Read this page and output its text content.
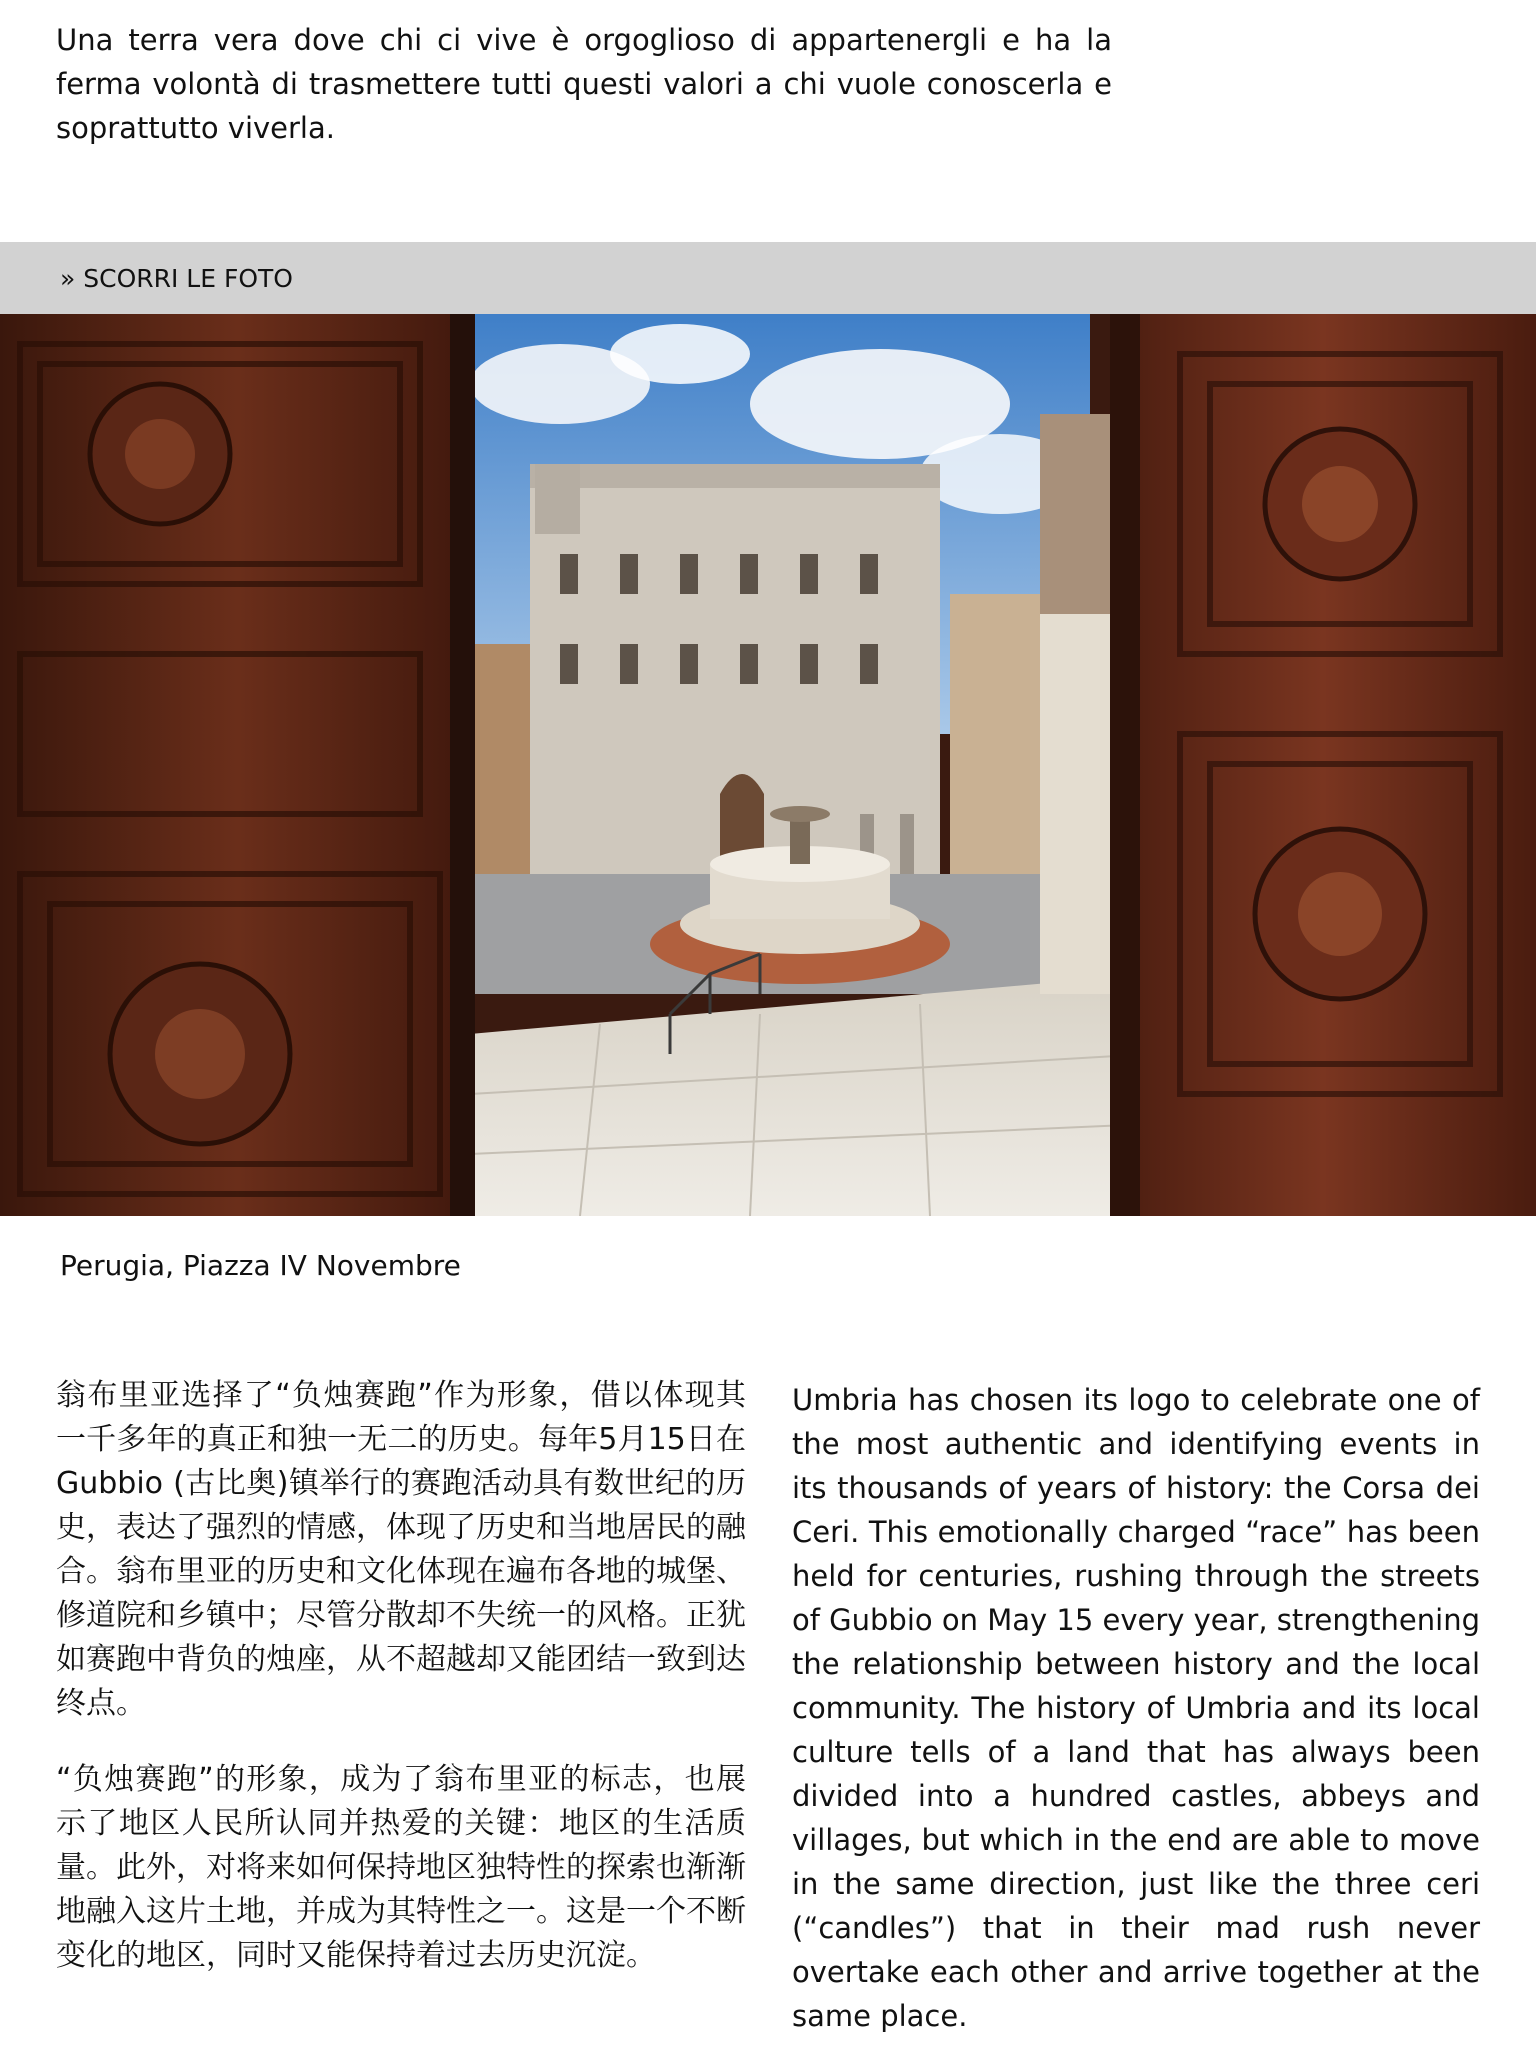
Una terra vera dove chi ci vive è orgoglioso di appartenergli e ha la ferma volontà di trasmettere tutti questi valori a chi vuole conoscerla e soprattutto viverla.

» SCORRI LE FOTO

Perugia, Piazza IV Novembre

翁布里亚选择了“负烛赛跑”作为形象，借以体现其一千多年的真正和独一无二的历史。每年5月15日在Gubbio (古比奥)镇举行的赛跑活动具有数世纪的历史，表达了强烈的情感，体现了历史和当地居民的融合。翁布里亚的历史和文化体现在遍布各地的城堡、修道院和乡镇中；尽管分散却不失统一的风格。正犹如赛跑中背负的烛座，从不超越却又能团结一致到达终点。

“负烛赛跑”的形象，成为了翁布里亚的标志，也展示了地区人民所认同并热爱的关键：地区的生活质量。此外，对将来如何保持地区独特性的探索也渐渐地融入这片土地，并成为其特性之一。这是一个不断变化的地区，同时又能保持着过去历史沉淀。

Umbria has chosen its logo to celebrate one of the most authentic and identifying events in its thousands of years of history: the Corsa dei Ceri. This emotionally charged “race” has been held for centuries, rushing through the streets of Gubbio on May 15 every year, strengthening the relationship between history and the local community. The history of Umbria and its local culture tells of a land that has always been divided into a hundred castles, abbeys and villages, but which in the end are able to move in the same direction, just like the three ceri (“candles”) that in their mad rush never overtake each other and arrive together at the same place.
